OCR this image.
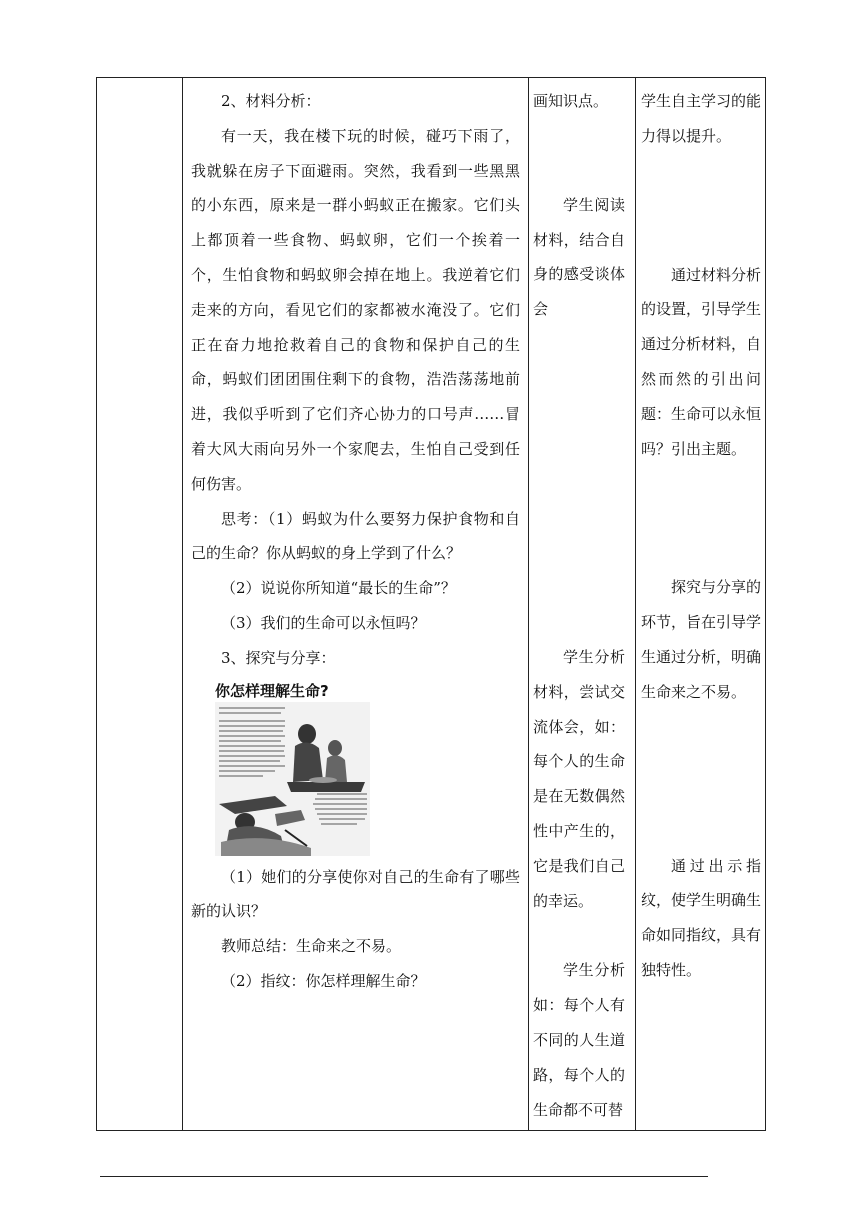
2、材料分析：

有一天，我在楼下玩的时候，碰巧下雨了，我就躲在房子下面避雨。突然，我看到一些黑黑的小东西，原来是一群小蚂蚁正在搬家。它们头上都顶着一些食物、蚂蚁卵，它们一个挨着一个，生怕食物和蚂蚁卵会掉在地上。我逆着它们走来的方向，看见它们的家都被水淹没了。它们正在奋力地抢救着自己的食物和保护自己的生命，蚂蚁们团团围住剩下的食物，浩浩荡荡地前进，我似乎听到了它们齐心协力的口号声……冒着大风大雨向另外一个家爬去，生怕自己受到任何伤害。

思考：（1）蚂蚁为什么要努力保护食物和自己的生命？你从蚂蚁的身上学到了什么？

（2）说说你所知道“最长的生命”？

（3）我们的生命可以永恒吗？

3、探究与分享：

你怎样理解生命?

（1）她们的分享使你对自己的生命有了哪些新的认识？

教师总结：生命来之不易。

（2）指纹：你怎样理解生命？

画知识点。

学生阅读材料，结合自身的感受谈体会

学生分析材料，尝试交流体会，如：每个人的生命是在无数偶然性中产生的，它是我们自己的幸运。

学生分析如：每个人有不同的人生道路，每个人的生命都不可替

学生自主学习的能力得以提升。

通过材料分析的设置，引导学生通过分析材料，自然而然的引出问题：生命可以永恒吗？引出主题。

探究与分享的环节，旨在引导学生通过分析，明确生命来之不易。

通过出示指纹，使学生明确生命如同指纹，具有独特性。
